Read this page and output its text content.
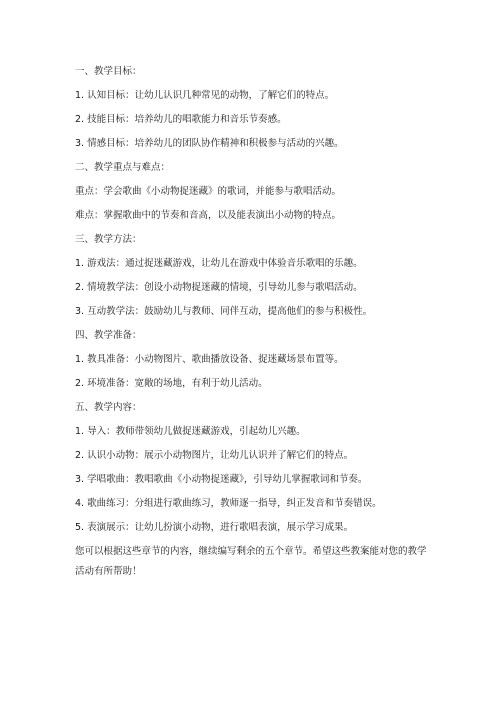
一、教学目标：

1. 认知目标：让幼儿认识几种常见的动物，了解它们的特点。

2. 技能目标：培养幼儿的唱歌能力和音乐节奏感。

3. 情感目标：培养幼儿的团队协作精神和积极参与活动的兴趣。

二、教学重点与难点：

重点：学会歌曲《小动物捉迷藏》的歌词，并能参与歌唱活动。

难点：掌握歌曲中的节奏和音高，以及能表演出小动物的特点。

三、教学方法：

1. 游戏法：通过捉迷藏游戏，让幼儿在游戏中体验音乐歌唱的乐趣。

2. 情境教学法：创设小动物捉迷藏的情境，引导幼儿参与歌唱活动。

3. 互动教学法：鼓励幼儿与教师、同伴互动，提高他们的参与积极性。

四、教学准备：

1. 教具准备：小动物图片、歌曲播放设备、捉迷藏场景布置等。

2. 环境准备：宽敞的场地，有利于幼儿活动。

五、教学内容：

1. 导入：教师带领幼儿做捉迷藏游戏，引起幼儿兴趣。

2. 认识小动物：展示小动物图片，让幼儿认识并了解它们的特点。

3. 学唱歌曲：教唱歌曲《小动物捉迷藏》，引导幼儿掌握歌词和节奏。

4. 歌曲练习：分组进行歌曲练习，教师逐一指导，纠正发音和节奏错误。

5. 表演展示：让幼儿扮演小动物，进行歌唱表演，展示学习成果。

您可以根据这些章节的内容，继续编写剩余的五个章节。希望这些教案能对您的教学活动有所帮助！
